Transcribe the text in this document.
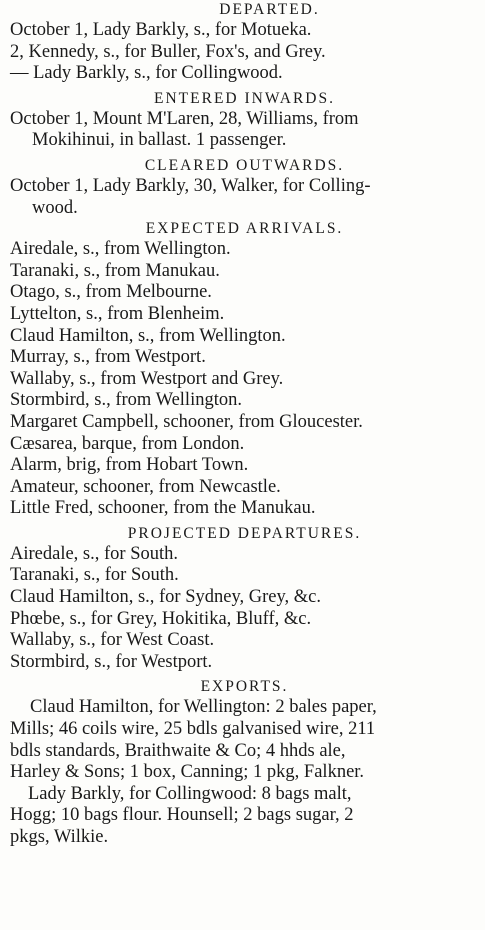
DEPARTED.

October 1, Lady Barkly, s., for Motueka.

2, Kennedy, s., for Buller, Fox's, and Grey.

— Lady Barkly, s., for Collingwood.

ENTERED INWARDS.

October 1, Mount M'Laren, 28, Williams, from

Mokihinui, in ballast. 1 passenger.

CLEARED OUTWARDS.

October 1, Lady Barkly, 30, Walker, for Colling-

wood.

EXPECTED ARRIVALS.

Airedale, s., from Wellington.

Taranaki, s., from Manukau.

Otago, s., from Melbourne.

Lyttelton, s., from Blenheim.

Claud Hamilton, s., from Wellington.

Murray, s., from Westport.

Wallaby, s., from Westport and Grey.

Stormbird, s., from Wellington.

Margaret Campbell, schooner, from Gloucester.

Cæsarea, barque, from London.

Alarm, brig, from Hobart Town.

Amateur, schooner, from Newcastle.

Little Fred, schooner, from the Manukau.

PROJECTED DEPARTURES.

Airedale, s., for South.

Taranaki, s., for South.

Claud Hamilton, s., for Sydney, Grey, &c.

Phœbe, s., for Grey, Hokitika, Bluff, &c.

Wallaby, s., for West Coast.

Stormbird, s., for Westport.

EXPORTS.

Claud Hamilton, for Wellington: 2 bales paper,

Mills; 46 coils wire, 25 bdls galvanised wire, 211

bdls standards, Braithwaite & Co; 4 hhds ale,

Harley & Sons; 1 box, Canning; 1 pkg, Falkner.

Lady Barkly, for Collingwood: 8 bags malt,

Hogg; 10 bags flour. Hounsell; 2 bags sugar, 2

pkgs, Wilkie.
